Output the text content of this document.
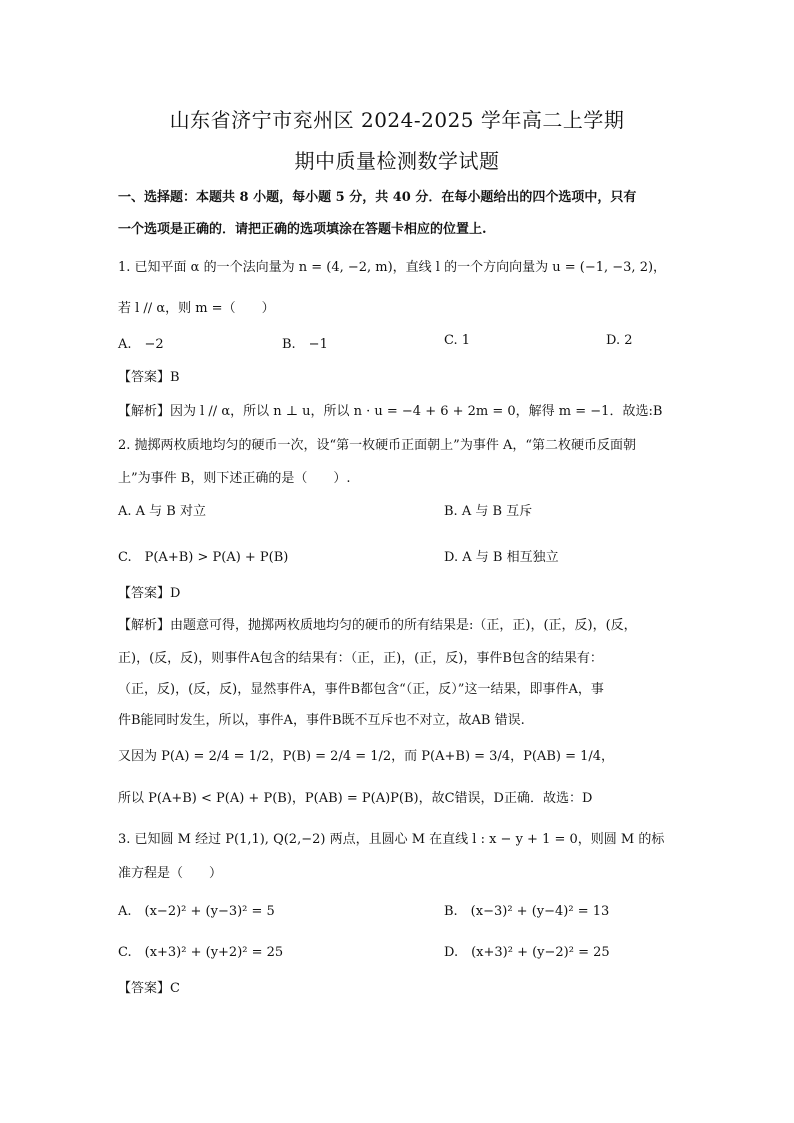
山东省济宁市兖州区 2024-2025 学年高二上学期
期中质量检测数学试题
一、选择题：本题共 8 小题，每小题 5 分，共 40 分．在每小题给出的四个选项中，只有
一个选项是正确的．请把正确的选项填涂在答题卡相应的位置上.
1. 已知平面 α 的一个法向量为 n = (4, −2, m)，直线 l 的一个方向向量为 u = (−1, −3, 2)，
若 l // α，则 m =（　　）
A.　−2	B.　−1	C. 1	D. 2
【答案】B
【解析】因为 l // α，所以 n ⊥ u，所以 n · u = −4 + 6 + 2m = 0，解得 m = −1．故选:B
2. 抛掷两枚质地均匀的硬币一次，设“第一枚硬币正面朝上”为事件 A，“第二枚硬币反面朝
上”为事件 B，则下述正确的是（　　）.
A. A 与 B 对立	B. A 与 B 互斥
C.　P(A+B) > P(A) + P(B)	D. A 与 B 相互独立
【答案】D
【解析】由题意可得，抛掷两枚质地均匀的硬币的所有结果是:（正，正)，(正，反)，(反，
正)，(反，反)，则事件A包含的结果有：（正，正)，(正，反)，事件B包含的结果有：
（正，反)，(反，反)，显然事件A，事件B都包含“（正，反）”这一结果，即事件A，事
件B能同时发生，所以，事件A，事件B既不互斥也不对立，故AB 错误.
又因为 P(A) = 2/4 = 1/2，P(B) = 2/4 = 1/2，而 P(A+B) = 3/4，P(AB) = 1/4，
所以 P(A+B) < P(A) + P(B)，P(AB) = P(A)P(B)，故C错误，D正确．故选：D
3. 已知圆 M 经过 P(1,1), Q(2,−2) 两点，且圆心 M 在直线 l : x − y + 1 = 0，则圆 M 的标
准方程是（　　）
A.　(x−2)² + (y−3)² = 5	B.　(x−3)² + (y−4)² = 13
C.　(x+3)² + (y+2)² = 25	D.　(x+3)² + (y−2)² = 25
【答案】C
